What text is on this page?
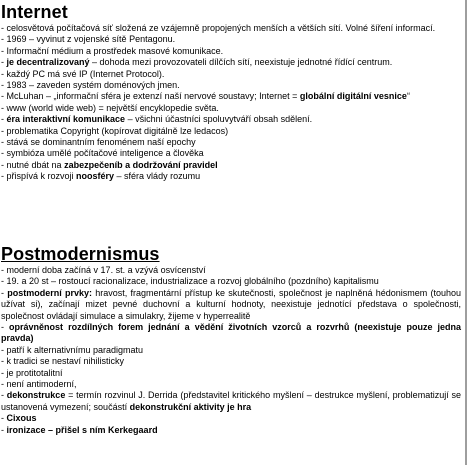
Internet

- celosvětová počítačová síť složená ze vzájemně propojených menších a větších sítí. Volné šíření informací.

- 1969 – vyvinut z vojenské sítě Pentagonu.

- Informační médium a prostředek masové komunikace.

- je decentralizovaný – dohoda mezi provozovateli dílčích sítí, neexistuje jednotné řídící centrum.

- každý PC má své IP (Internet Protocol).

- 1983 – zaveden systém doménových jmen.

- McLuhan – „informační sféra je extenzí naší nervové soustavy; Internet = globální digitální vesnice“

- www (world wide web) = největší encyklopedie světa.

- éra interaktivní komunikace – všichni účastníci spoluvytváří obsah sdělení.

- problematika Copyright (kopírovat digitálně lze ledacos)

- stává se dominantním fenoménem naší epochy

- symbióza umělé počítačové inteligence a člověka

- nutné dbát na zabezpečeníb a dodržování pravidel

- přispívá k rozvoji noosféry – sféra vlády rozumu

Postmodernismus

- moderní doba začíná v 17. st. a vzývá osvícenství

- 19. a 20 st – rostoucí racionalizace, industrializace a rozvoj globálního (pozdního) kapitalismu

- postmoderní prvky: hravost, fragmentární přístup ke skutečnosti, společnost je naplněná hédonismem (touhou užívat si), začínají mizet pevné duchovní a kulturní hodnoty, neexistuje jednotící představa o společnosti, společnost ovládají simulace a simulakry, žijeme v hyperrealitě

- oprávněnost rozdílných forem jednání a vědění životních vzorců a rozvrhů (neexistuje pouze jedna pravda)

- patří k alternativnímu paradigmatu

- k tradici se nestaví nihilisticky

- je protitotalitní

- není antimoderní,

- dekonstrukce = termín rozvinul J. Derrida (představitel kritického myšlení – destrukce myšlení, problematizují se ustanovená vymezení; součástí dekonstrukční aktivity je hra

- Cixous

- ironizace – přišel s ním Kerkegaard
